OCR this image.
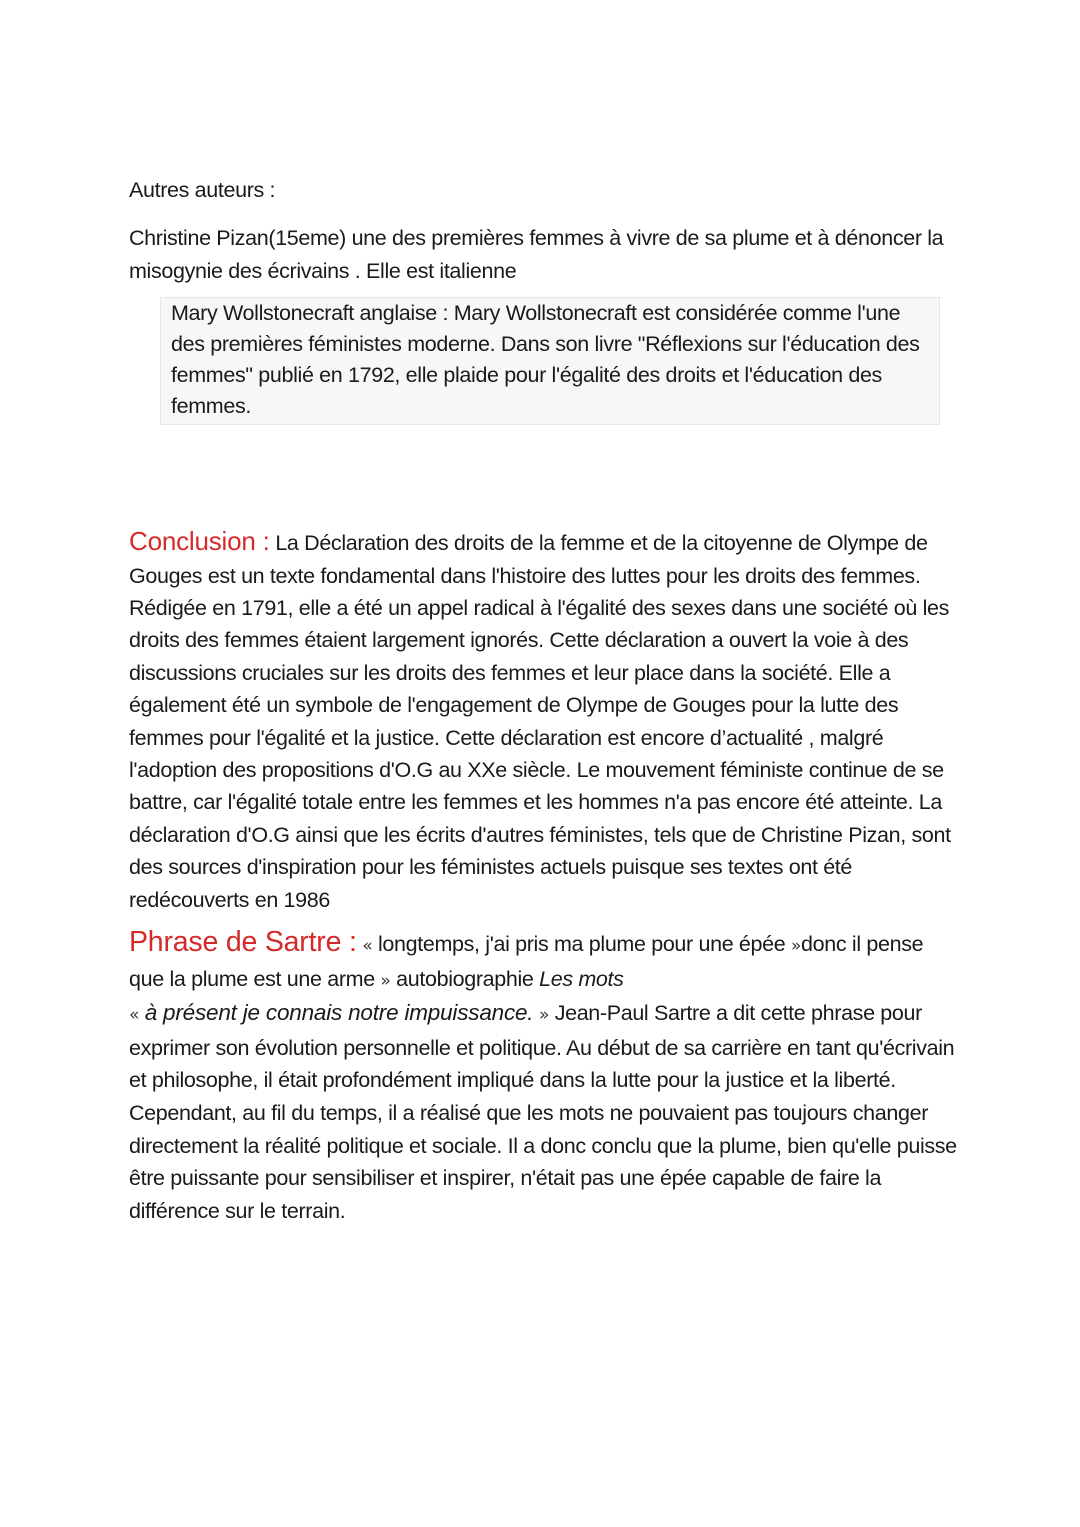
Autres auteurs :

Christine Pizan(15eme) une des premières femmes à vivre de sa plume et à dénoncer la misogynie des écrivains . Elle est italienne

Mary Wollstonecraft anglaise : Mary Wollstonecraft est considérée comme l'une des premières féministes moderne. Dans son livre "Réflexions sur l'éducation des femmes" publié en 1792, elle plaide pour l'égalité des droits et l'éducation des femmes.

Conclusion : La Déclaration des droits de la femme et de la citoyenne de Olympe de Gouges est un texte fondamental dans l'histoire des luttes pour les droits des femmes. Rédigée en 1791, elle a été un appel radical à l'égalité des sexes dans une société où les droits des femmes étaient largement ignorés. Cette déclaration a ouvert la voie à des discussions cruciales sur les droits des femmes et leur place dans la société. Elle a également été un symbole de l'engagement de Olympe de Gouges pour la lutte des femmes pour l'égalité et la justice. Cette déclaration est encore d’actualité , malgré l'adoption des propositions d'O.G au XXe siècle. Le mouvement féministe continue de se battre, car l'égalité totale entre les femmes et les hommes n'a pas encore été atteinte. La déclaration d'O.G ainsi que les écrits d'autres féministes, tels que de Christine Pizan, sont des sources d'inspiration pour les féministes actuels puisque ses textes ont été redécouverts en 1986

Phrase de Sartre : « longtemps, j'ai pris ma plume pour une épée »donc il pense que la plume est une arme » autobiographie Les mots

« à présent je connais notre impuissance. » Jean-Paul Sartre a dit cette phrase pour exprimer son évolution personnelle et politique. Au début de sa carrière en tant qu'écrivain et philosophe, il était profondément impliqué dans la lutte pour la justice et la liberté. Cependant, au fil du temps, il a réalisé que les mots ne pouvaient pas toujours changer directement la réalité politique et sociale. Il a donc conclu que la plume, bien qu'elle puisse être puissante pour sensibiliser et inspirer, n'était pas une épée capable de faire la différence sur le terrain.
